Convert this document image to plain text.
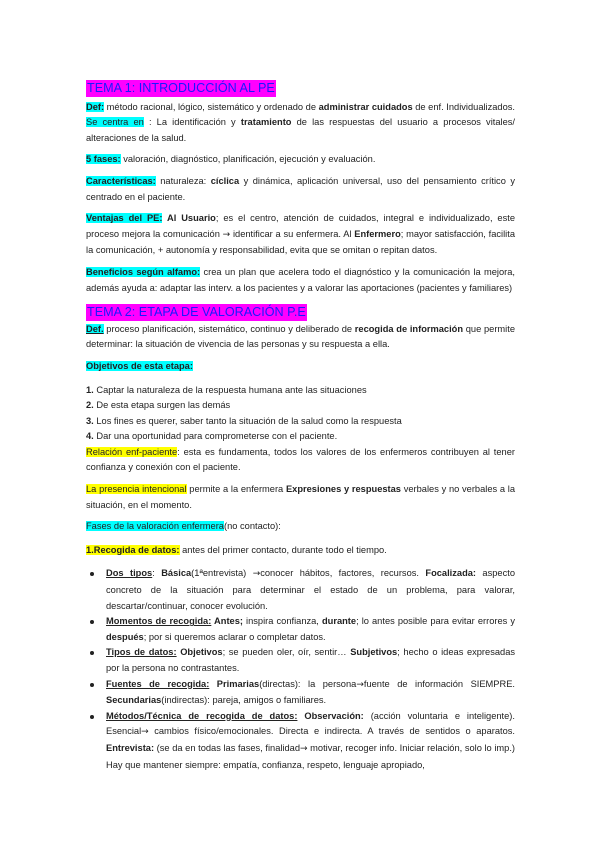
TEMA 1: INTRODUCCIÓN AL PE

Def: método racional, lógico, sistemático y ordenado de administrar cuidados de enf. Individualizados. Se centra en : La identificación y tratamiento de las respuestas del usuario a procesos vitales/ alteraciones de la salud.

5 fases: valoración, diagnóstico, planificación, ejecución y evaluación.

Características: naturaleza: cíclica y dinámica, aplicación universal, uso del pensamiento crítico y centrado en el paciente.

Ventajas del PE: Al Usuario; es el centro, atención de cuidados, integral e individualizado, este proceso mejora la comunicación → identificar a su enfermera. Al Enfermero; mayor satisfacción, facilita la comunicación, + autonomía y responsabilidad, evita que se omitan o repitan datos.

Beneficios según alfamo: crea un plan que acelera todo el diagnóstico y la comunicación la mejora, además ayuda a: adaptar las interv. a los pacientes y a valorar las aportaciones (pacientes y familiares)

TEMA 2: ETAPA DE VALORACIÓN P.E

Def. proceso planificación, sistemático, continuo y deliberado de recogida de información que permite determinar: la situación de vivencia de las personas y su respuesta a ella.

Objetivos de esta etapa:

1. Captar la naturaleza de la respuesta humana ante las situaciones
2. De esta etapa surgen las demás
3. Los fines es querer, saber tanto la situación de la salud como la respuesta
4. Dar una oportunidad para comprometerse con el paciente.

Relación enf-paciente: esta es fundamenta, todos los valores de los enfermeros contribuyen al tener confianza y conexión con el paciente.

La presencia intencional permite a la enfermera Expresiones y respuestas verbales y no verbales a la situación, en el momento.

Fases de la valoración enfermera(no contacto):

1.Recogida de datos: antes del primer contacto, durante todo el tiempo.

Dos tipos: Básica(1ªentrevista) →conocer hábitos, factores, recursos. Focalizada: aspecto concreto de la situación para determinar el estado de un problema, para valorar, descartar/continuar, conocer evolución.
Momentos de recogida: Antes; inspira confianza, durante; lo antes posible para evitar errores y después; por si queremos aclarar o completar datos.
Tipos de datos: Objetivos; se pueden oler, oír, sentir… Subjetivos; hecho o ideas expresadas por la persona no contrastantes.
Fuentes de recogida: Primarias(directas): la persona→fuente de información SIEMPRE. Secundarias(indirectas): pareja, amigos o familiares.
Métodos/Técnica de recogida de datos: Observación: (acción voluntaria e inteligente). Esencial→ cambios físico/emocionales. Directa e indirecta. A través de sentidos o aparatos. Entrevista: (se da en todas las fases, finalidad→ motivar, recoger info. Iniciar relación, solo lo imp.) Hay que mantener siempre: empatía, confianza, respeto, lenguaje apropiado,
